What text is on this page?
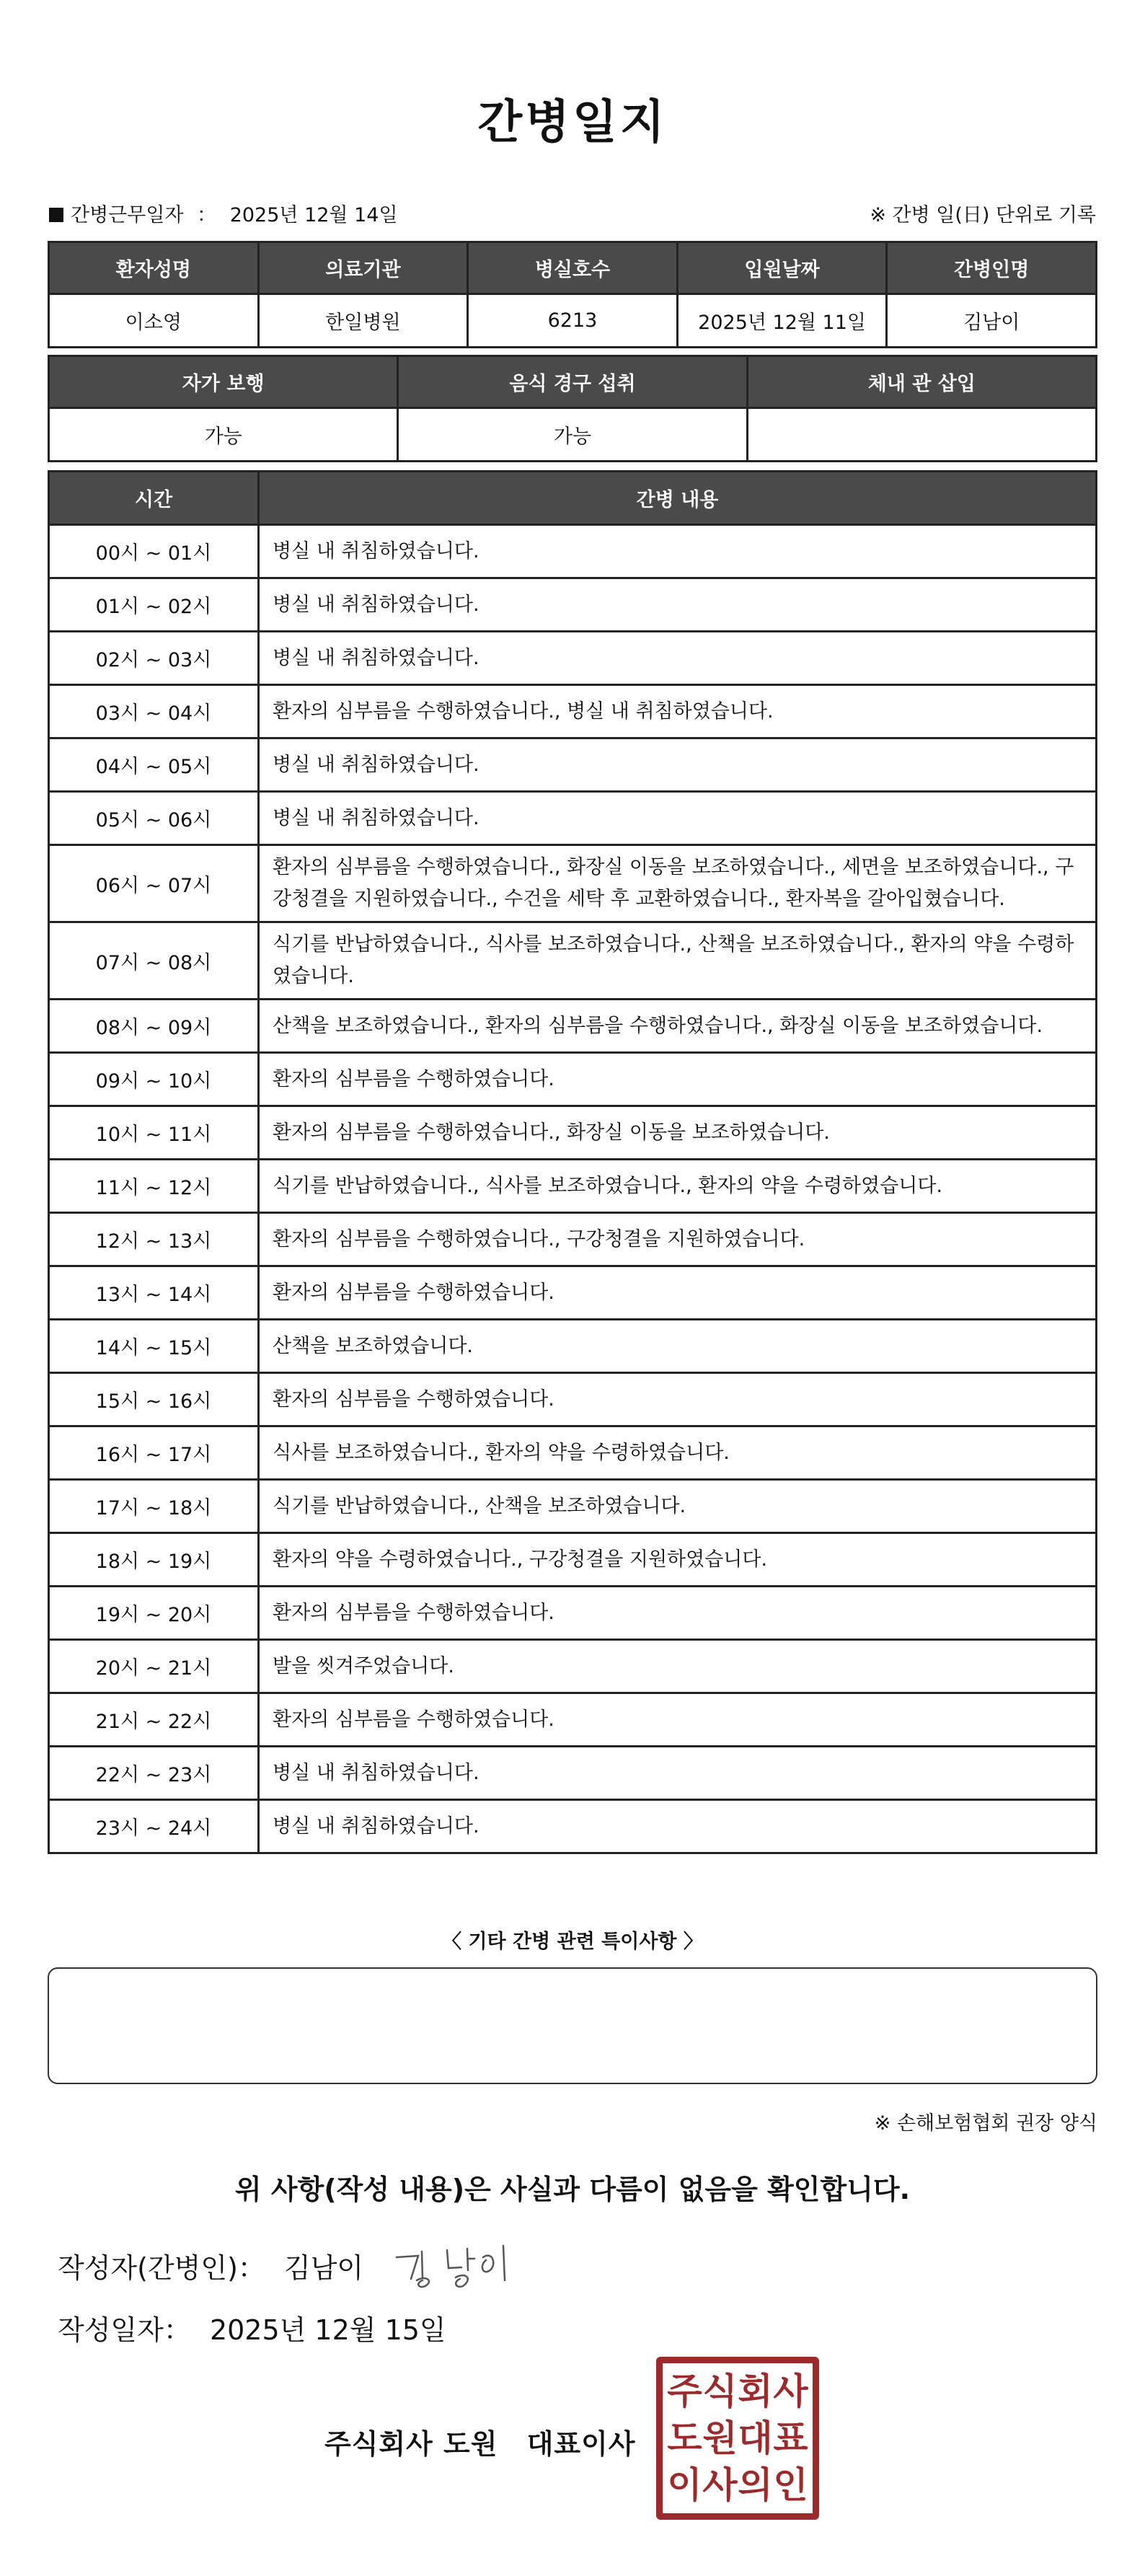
간병일지
간병근무일자 ： 2025년 12월 14일	※ 간병 일(日) 단위로 기록
환자성명	의료기관	병실호수	입원날짜	간병인명
이소영	한일병원	6213	2025년 12월 11일	김남이
자가 보행	음식 경구 섭취	체내 관 삽입
가능	가능	
시간	간병 내용
00시 ~ 01시	병실 내 취침하였습니다.
01시 ~ 02시	병실 내 취침하였습니다.
02시 ~ 03시	병실 내 취침하였습니다.
03시 ~ 04시	환자의 심부름을 수행하였습니다., 병실 내 취침하였습니다.
04시 ~ 05시	병실 내 취침하였습니다.
05시 ~ 06시	병실 내 취침하였습니다.
06시 ~ 07시	환자의 심부름을 수행하였습니다., 화장실 이동을 보조하였습니다., 세면을 보조하였습니다., 구강청결을 지원하였습니다., 수건을 세탁 후 교환하였습니다., 환자복을 갈아입혔습니다.
07시 ~ 08시	식기를 반납하였습니다., 식사를 보조하였습니다., 산책을 보조하였습니다., 환자의 약을 수령하였습니다.
08시 ~ 09시	산책을 보조하였습니다., 환자의 심부름을 수행하였습니다., 화장실 이동을 보조하였습니다.
09시 ~ 10시	환자의 심부름을 수행하였습니다.
10시 ~ 11시	환자의 심부름을 수행하였습니다., 화장실 이동을 보조하였습니다.
11시 ~ 12시	식기를 반납하였습니다., 식사를 보조하였습니다., 환자의 약을 수령하였습니다.
12시 ~ 13시	환자의 심부름을 수행하였습니다., 구강청결을 지원하였습니다.
13시 ~ 14시	환자의 심부름을 수행하였습니다.
14시 ~ 15시	산책을 보조하였습니다.
15시 ~ 16시	환자의 심부름을 수행하였습니다.
16시 ~ 17시	식사를 보조하였습니다., 환자의 약을 수령하였습니다.
17시 ~ 18시	식기를 반납하였습니다., 산책을 보조하였습니다.
18시 ~ 19시	환자의 약을 수령하였습니다., 구강청결을 지원하였습니다.
19시 ~ 20시	환자의 심부름을 수행하였습니다.
20시 ~ 21시	발을 씻겨주었습니다.
21시 ~ 22시	환자의 심부름을 수행하였습니다.
22시 ~ 23시	병실 내 취침하였습니다.
23시 ~ 24시	병실 내 취침하였습니다.
〈 기타 간병 관련 특이사항 〉
※ 손해보험협회 권장 양식
위 사항(작성 내용)은 사실과 다름이 없음을 확인합니다.
작성자(간병인)： 김남이
작성일자： 2025년 12월 15일
주식회사 도원 대표이사
주 식 회 사
도 원 대 표
이 사 의 인
